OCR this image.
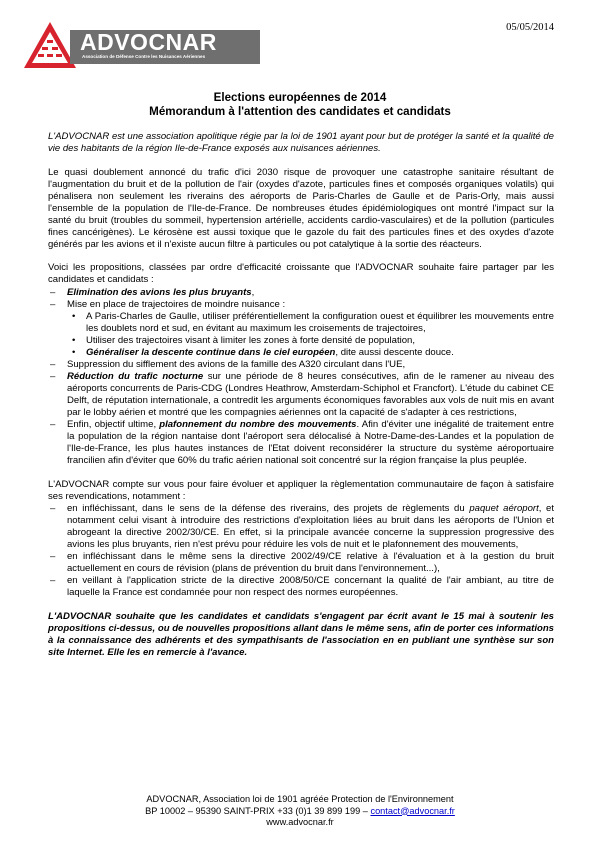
ADVOCNAR
Association de Défense Contre les Nuisances Aériennes
05/05/2014
Elections européennes de 2014
Mémorandum à l'attention des candidates et candidats

L'ADVOCNAR est une association apolitique régie par la loi de 1901 ayant pour but de protéger la santé et la qualité de vie des habitants de la région Ile-de-France exposés aux nuisances aériennes.

Le quasi doublement annoncé du trafic d'ici 2030 risque de provoquer une catastrophe sanitaire résultant de l'augmentation du bruit et de la pollution de l'air (oxydes d'azote, particules fines et composés organiques volatils) qui pénalisera non seulement les riverains des aéroports de Paris-Charles de Gaulle et de Paris-Orly, mais aussi l'ensemble de la population de l'Ile-de-France. De nombreuses études épidémiologiques ont montré l'impact sur la santé du bruit (troubles du sommeil, hypertension artérielle, accidents cardio-vasculaires) et de la pollution (particules fines cancérigènes). Le kérosène est aussi toxique que le gazole du fait des particules fines et des oxydes d'azote générés par les avions et il n'existe aucun filtre à particules ou pot catalytique à la sortie des réacteurs.

Voici les propositions, classées par ordre d'efficacité croissante que l'ADVOCNAR souhaite faire partager par les candidates et candidats :

– Elimination des avions les plus bruyants,
– Mise en place de trajectoires de moindre nuisance :
• A Paris-Charles de Gaulle, utiliser préférentiellement la configuration ouest et équilibrer les mouvements entre les doublets nord et sud, en évitant au maximum les croisements de trajectoires,
• Utiliser des trajectoires visant à limiter les zones à forte densité de population,
• Généraliser la descente continue dans le ciel européen, dite aussi descente douce.
– Suppression du sifflement des avions de la famille des A320 circulant dans l'UE,
– Réduction du trafic nocturne sur une période de 8 heures consécutives, afin de le ramener au niveau des aéroports concurrents de Paris-CDG (Londres Heathrow, Amsterdam-Schiphol et Francfort). L'étude du cabinet CE Delft, de réputation internationale, a contredit les arguments économiques favorables aux vols de nuit mis en avant par le lobby aérien et montré que les compagnies aériennes ont la capacité de s'adapter à ces restrictions,
– Enfin, objectif ultime, plafonnement du nombre des mouvements. Afin d'éviter une inégalité de traitement entre la population de la région nantaise dont l'aéroport sera délocalisé à Notre-Dame-des-Landes et la population de l'Ile-de-France, les plus hautes instances de l'Etat doivent reconsidérer la structure du système aéroportuaire francilien afin d'éviter que 60% du trafic aérien national soit concentré sur la région française la plus peuplée.

L'ADVOCNAR compte sur vous pour faire évoluer et appliquer la règlementation communautaire de façon à satisfaire ses revendications, notamment :

– en infléchissant, dans le sens de la défense des riverains, des projets de règlements du paquet aéroport, et notamment celui visant à introduire des restrictions d'exploitation liées au bruit dans les aéroports de l'Union et abrogeant la directive 2002/30/CE. En effet, si la principale avancée concerne la suppression progressive des avions les plus bruyants, rien n'est prévu pour réduire les vols de nuit et le plafonnement des mouvements,
– en infléchissant dans le même sens la directive 2002/49/CE relative à l'évaluation et à la gestion du bruit actuellement en cours de révision (plans de prévention du bruit dans l'environnement...),
– en veillant à l'application stricte de la directive 2008/50/CE concernant la qualité de l'air ambiant, au titre de laquelle la France est condamnée pour non respect des normes européennes.

L'ADVOCNAR souhaite que les candidates et candidats s'engagent par écrit avant le 15 mai à soutenir les propositions ci-dessus, ou de nouvelles propositions allant dans le même sens, afin de porter ces informations à la connaissance des adhérents et des sympathisants de l'association en en publiant une synthèse sur son site Internet. Elle les en remercie à l'avance.

ADVOCNAR, Association loi de 1901 agréée Protection de l'Environnement
BP 10002 – 95390 SAINT-PRIX +33 (0)1 39 899 199 – contact@advocnar.fr
www.advocnar.fr
